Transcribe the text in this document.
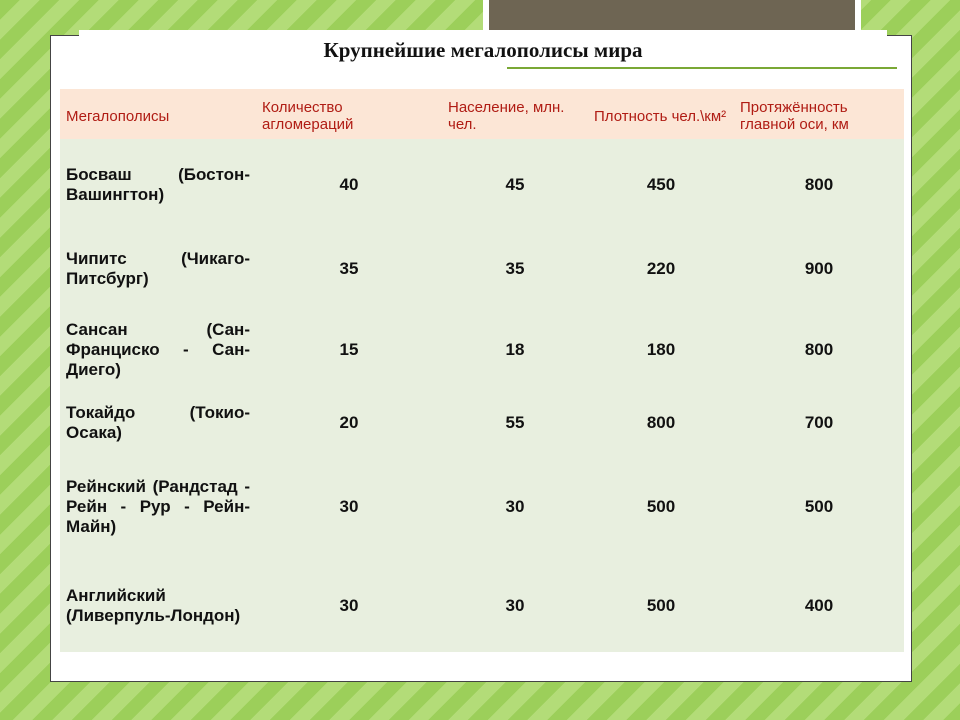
Крупнейшие мегалополисы мира
Мегалополисы	Количество агломераций	Население, млн. чел.	Плотность чел.\км²	Протяжённость главной оси, км
Босваш (Бостон-Вашингтон)	40	45	450	800
Чипитс (Чикаго-Питсбург)	35	35	220	900
Сансан (Сан-Франциско - Сан-Диего)	15	18	180	800
Токайдо (Токио-Осака)	20	55	800	700
Рейнский (Рандстад - Рейн - Рур - Рейн-Майн)	30	30	500	500
Английский (Ливерпуль-Лондон)	30	30	500	400
